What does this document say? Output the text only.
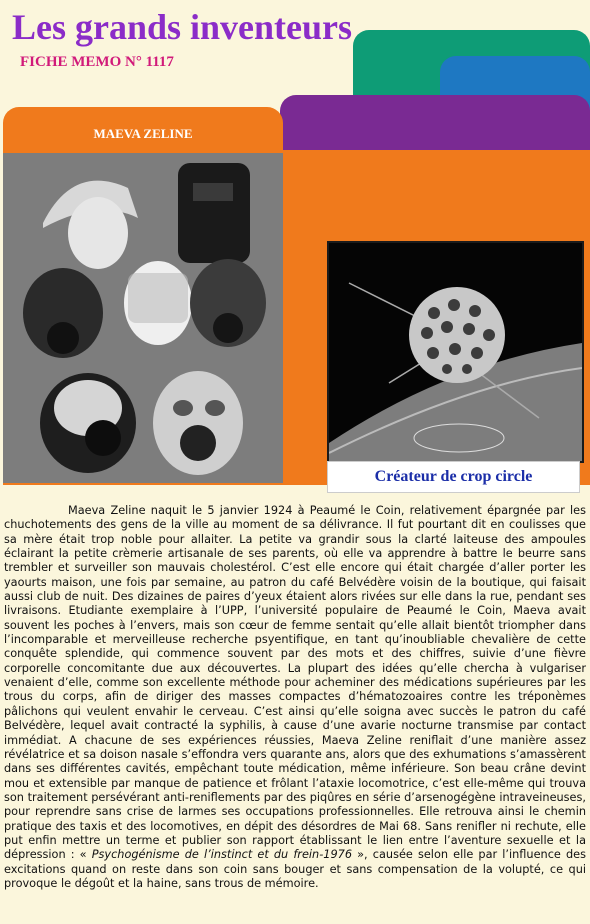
Les grands inventeurs
FICHE MEMO N° 1117
MAEVA ZELINE
Créateur de crop circle

Maeva Zeline naquit le 5 janvier 1924 à Peaumé le Coin, relativement épargnée par les chuchotements des gens de la ville au moment de sa délivrance. Il fut pourtant dit en coulisses que sa mère était trop noble pour allaiter. La petite va grandir sous la clarté laiteuse des ampoules éclairant la petite crèmerie artisanale de ses parents, où elle va apprendre à battre le beurre sans trembler et surveiller son mauvais cholestérol. C’est elle encore qui était chargée d’aller porter les yaourts maison, une fois par semaine, au patron du café Belvédère voisin de la boutique, qui faisait aussi club de nuit. Des dizaines de paires d’yeux étaient alors rivées sur elle dans la rue, pendant ses livraisons. Etudiante exemplaire à l’UPP, l’université populaire de Peaumé le Coin, Maeva avait souvent les poches à l’envers, mais son cœur de femme sentait qu’elle allait bientôt triompher dans l’incomparable et merveilleuse recherche psyentifique, en tant qu’inoubliable chevalière de cette conquête splendide, qui commence souvent par des mots et des chiffres, suivie d’une fièvre corporelle concomitante due aux découvertes. La plupart des idées qu’elle chercha à vulgariser venaient d’elle, comme son excellente méthode pour acheminer des médications supérieures par les trous du corps, afin de diriger des masses compactes d’hématozoaires contre les tréponèmes pâlichons qui veulent envahir le cerveau. C’est ainsi qu’elle soigna avec succès le patron du café Belvédère, lequel avait contracté la syphilis, à cause d’une avarie nocturne transmise par contact immédiat. A chacune de ses expériences réussies, Maeva Zeline reniflait d’une manière assez révélatrice et sa doison nasale s’effondra vers quarante ans, alors que des exhumations s’amassèrent dans ses différentes cavités, empêchant toute médication, même inférieure. Son beau crâne devint mou et extensible par manque de patience et frôlant l’ataxie locomotrice, c’est elle-même qui trouva son traitement persévérant anti-reniflements par des piqûres en série d’arsenogégène intraveineuses, pour reprendre sans crise de larmes ses occupations professionnelles. Elle retrouva ainsi le chemin pratique des taxis et des locomotives, en dépit des désordres de Mai 68. Sans renifler ni rechute, elle put enfin mettre un terme et publier son rapport établissant le lien entre l’aventure sexuelle et la dépression : « Psychogénisme de l’instinct et du frein-1976 », causée selon elle par l’influence des excitations quand on reste dans son coin sans bouger et sans compensation de la volupté, ce qui provoque le dégoût et la haine, sans trous de mémoire.
